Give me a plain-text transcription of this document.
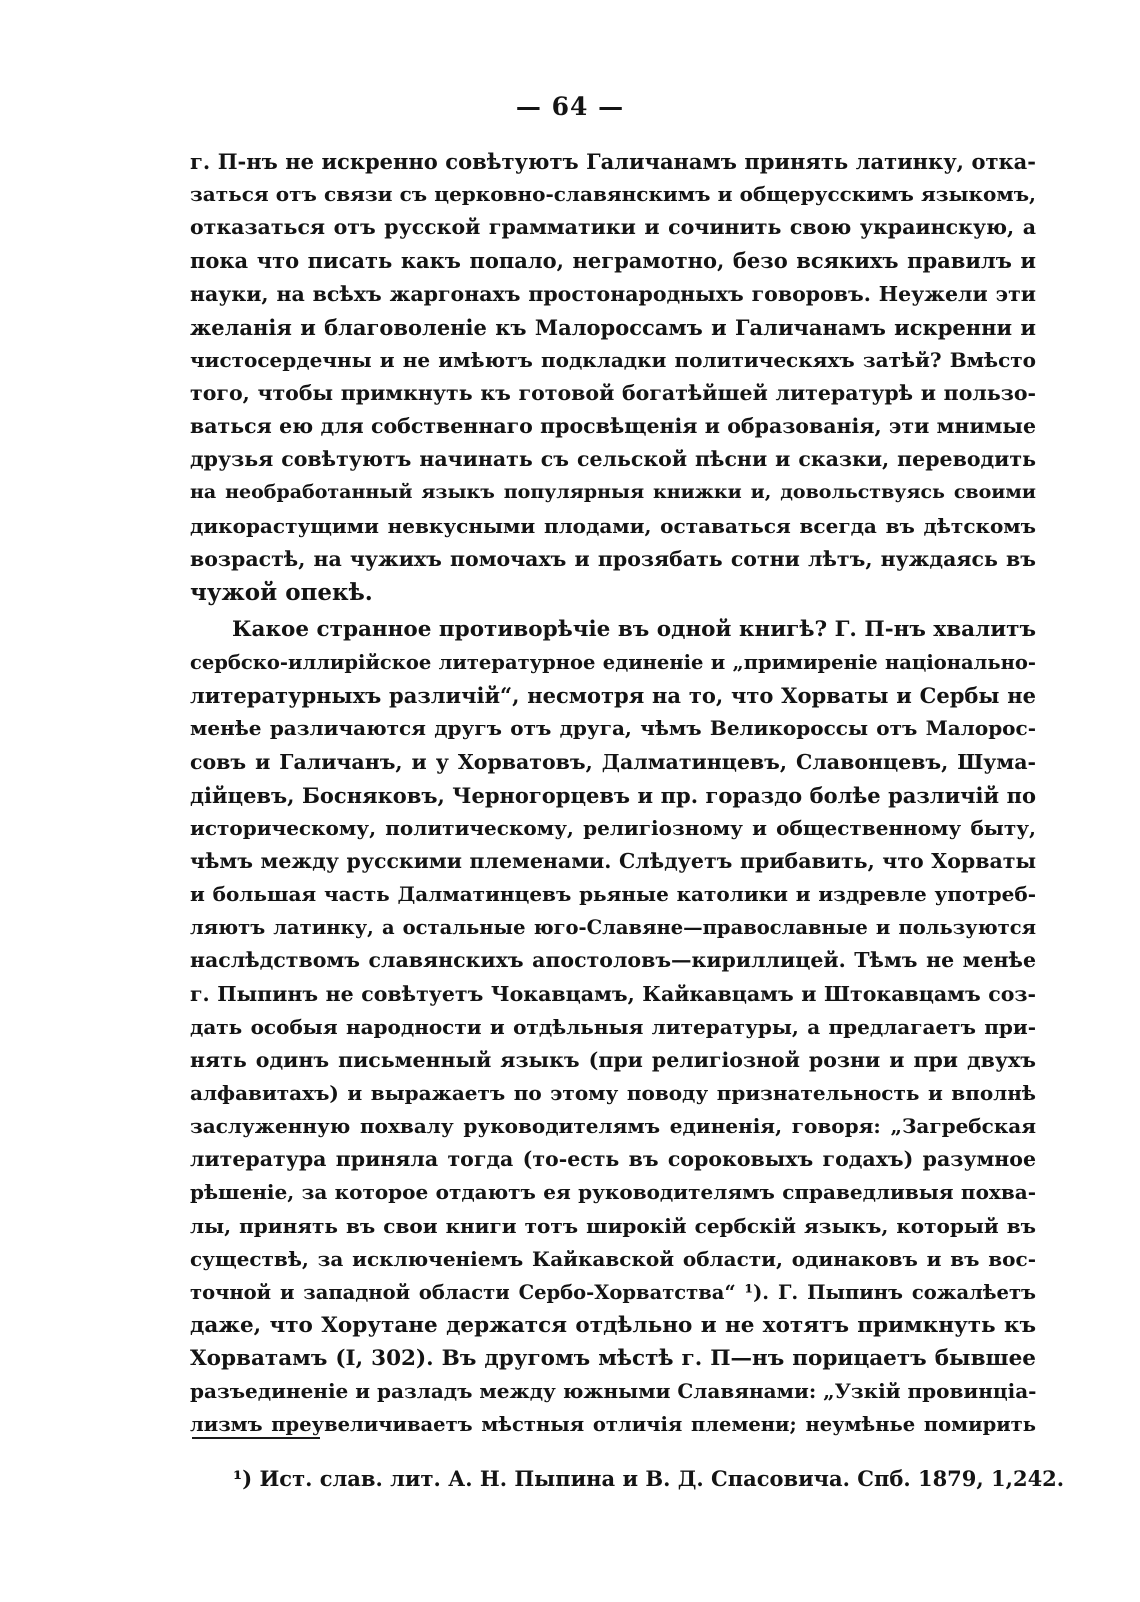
— 64 —
г. П-нъ не искренно совѣтуютъ Галичанамъ принять латинку, отка-
заться отъ связи съ церковно-славянскимъ и общерусскимъ языкомъ,
отказаться отъ русской грамматики и сочинить свою украинскую, а
пока что писать какъ попало, неграмотно, безо всякихъ правилъ и
науки, на всѣхъ жаргонахъ простонародныхъ говоровъ. Неужели эти
желанія и благоволеніе къ Малороссамъ и Галичанамъ искренни и
чистосердечны и не имѣютъ подкладки политическяхъ затѣй? Вмѣсто
того, чтобы примкнуть къ готовой богатѣйшей литературѣ и пользо-
ваться ею для собственнаго просвѣщенія и образованія, эти мнимые
друзья совѣтуютъ начинать съ сельской пѣсни и сказки, переводить
на необработанный языкъ популярныя книжки и, довольствуясь своими
дикорастущими невкусными плодами, оставаться всегда въ дѣтскомъ
возрастѣ, на чужихъ помочахъ и прозябать сотни лѣтъ, нуждаясь въ
чужой опекѣ.
Какое странное противорѣчіе въ одной книгѣ? Г. П-нъ хвалитъ
сербско-иллирійское литературное единеніе и „примиреніе національно-
литературныхъ различій“, несмотря на то, что Хорваты и Сербы не
менѣе различаются другъ отъ друга, чѣмъ Великороссы отъ Малорос-
совъ и Галичанъ, и у Хорватовъ, Далматинцевъ, Славонцевъ, Шума-
дійцевъ, Босняковъ, Черногорцевъ и пр. гораздо болѣе различій по
историческому, политическому, религіозному и общественному быту,
чѣмъ между русскими племенами. Слѣдуетъ прибавить, что Хорваты
и большая часть Далматинцевъ рьяные католики и издревле употреб-
ляютъ латинку, а остальные юго-Славяне—православные и пользуются
наслѣдствомъ славянскихъ апостоловъ—кириллицей. Тѣмъ не менѣе
г. Пыпинъ не совѣтуетъ Чокавцамъ, Кайкавцамъ и Штокавцамъ соз-
дать особыя народности и отдѣльныя литературы, а предлагаетъ при-
нять одинъ письменный языкъ (при религіозной розни и при двухъ
алфавитахъ) и выражаетъ по этому поводу признательность и вполнѣ
заслуженную похвалу руководителямъ единенія, говоря: „Загребская
литература приняла тогда (то-есть въ сороковыхъ годахъ) разумное
рѣшеніе, за которое отдаютъ ея руководителямъ справедливыя похва-
лы, принять въ свои книги тотъ широкій сербскій языкъ, который въ
существѣ, за исключеніемъ Кайкавской области, одинаковъ и въ вос-
точной и западной области Сербо-Хорватства“ ¹). Г. Пыпинъ сожалѣетъ
даже, что Хорутане держатся отдѣльно и не хотятъ примкнуть къ
Хорватамъ (I, 302). Въ другомъ мѣстѣ г. П—нъ порицаетъ бывшее
разъединеніе и разладъ между южными Славянами: „Узкій провинціа-
лизмъ преувеличиваетъ мѣстныя отличія племени; неумѣнье помирить
¹) Ист. слав. лит. А. Н. Пыпина и В. Д. Спасовича. Спб. 1879, 1,242.
